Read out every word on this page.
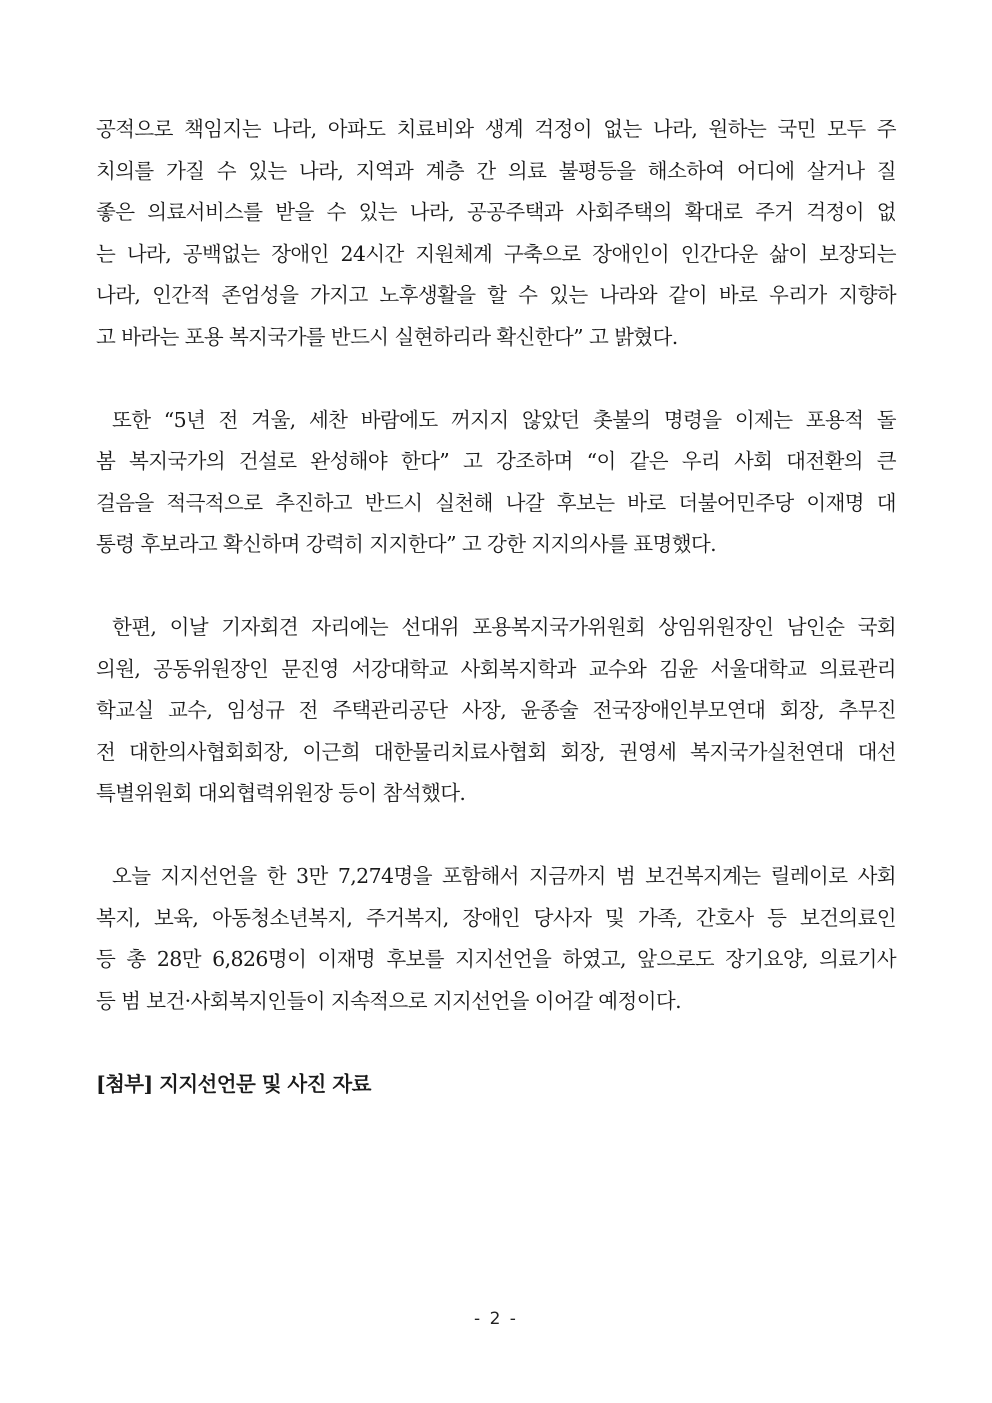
공적으로 책임지는 나라, 아파도 치료비와 생계 걱정이 없는 나라, 원하는 국민 모두 주
치의를 가질 수 있는 나라, 지역과 계층 간 의료 불평등을 해소하여 어디에 살거나 질
좋은 의료서비스를 받을 수 있는 나라, 공공주택과 사회주택의 확대로 주거 걱정이 없
는 나라, 공백없는 장애인 24시간 지원체계 구축으로 장애인이 인간다운 삶이 보장되는
나라, 인간적 존엄성을 가지고 노후생활을 할 수 있는 나라와 같이 바로 우리가 지향하
고 바라는 포용 복지국가를 반드시 실현하리라 확신한다” 고 밝혔다.
또한 “5년 전 겨울, 세찬 바람에도 꺼지지 않았던 촛불의 명령을 이제는 포용적 돌
봄 복지국가의 건설로 완성해야 한다” 고 강조하며 “이 같은 우리 사회 대전환의 큰
걸음을 적극적으로 추진하고 반드시 실천해 나갈 후보는 바로 더불어민주당 이재명 대
통령 후보라고 확신하며 강력히 지지한다” 고 강한 지지의사를 표명했다.
한편, 이날 기자회견 자리에는 선대위 포용복지국가위원회 상임위원장인 남인순 국회
의원, 공동위원장인 문진영 서강대학교 사회복지학과 교수와 김윤 서울대학교 의료관리
학교실 교수, 임성규 전 주택관리공단 사장, 윤종술 전국장애인부모연대 회장, 추무진
전 대한의사협회회장, 이근희 대한물리치료사협회 회장, 권영세 복지국가실천연대 대선
특별위원회 대외협력위원장 등이 참석했다.
오늘 지지선언을 한 3만 7,274명을 포함해서 지금까지 범 보건복지계는 릴레이로 사회
복지, 보육, 아동청소년복지, 주거복지, 장애인 당사자 및 가족, 간호사 등 보건의료인
등 총 28만 6,826명이 이재명 후보를 지지선언을 하였고, 앞으로도 장기요양, 의료기사
등 범 보건·사회복지인들이 지속적으로 지지선언을 이어갈 예정이다.
[첨부] 지지선언문 및 사진 자료
- 2 -
